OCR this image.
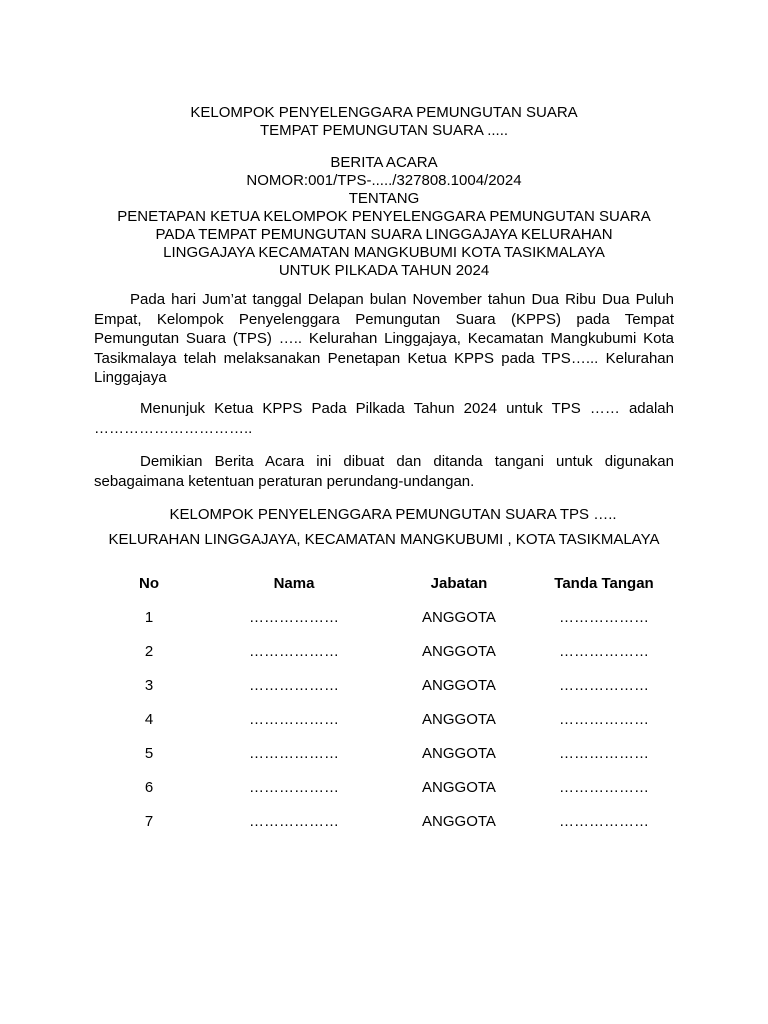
KELOMPOK PENYELENGGARA PEMUNGUTAN SUARA
TEMPAT PEMUNGUTAN SUARA .....
BERITA ACARA
NOMOR:001/TPS-...../327808.1004/2024
TENTANG
PENETAPAN KETUA KELOMPOK PENYELENGGARA PEMUNGUTAN SUARA
PADA TEMPAT PEMUNGUTAN SUARA LINGGAJAYA KELURAHAN
LINGGAJAYA KECAMATAN MANGKUBUMI KOTA TASIKMALAYA
UNTUK PILKADA TAHUN 2024

Pada hari Jum’at tanggal Delapan bulan November tahun Dua Ribu Dua Puluh Empat, Kelompok Penyelenggara Pemungutan Suara (KPPS) pada Tempat Pemungutan Suara (TPS) ….. Kelurahan Linggajaya, Kecamatan Mangkubumi Kota Tasikmalaya telah melaksanakan Penetapan Ketua KPPS pada TPS…... Kelurahan Linggajaya

Menunjuk Ketua KPPS Pada Pilkada Tahun 2024 untuk TPS …… adalah …………………………..

Demikian Berita Acara ini dibuat dan ditanda tangani untuk digunakan sebagaimana ketentuan peraturan perundang-undangan.

KELOMPOK PENYELENGGARA PEMUNGUTAN SUARA TPS …..
KELURAHAN LINGGAJAYA, KECAMATAN MANGKUBUMI , KOTA TASIKMALAYA
No	Nama	Jabatan	Tanda Tangan
1	………………	ANGGOTA	………………
2	………………	ANGGOTA	………………
3	………………	ANGGOTA	………………
4	………………	ANGGOTA	………………
5	………………	ANGGOTA	………………
6	………………	ANGGOTA	………………
7	………………	ANGGOTA	………………
